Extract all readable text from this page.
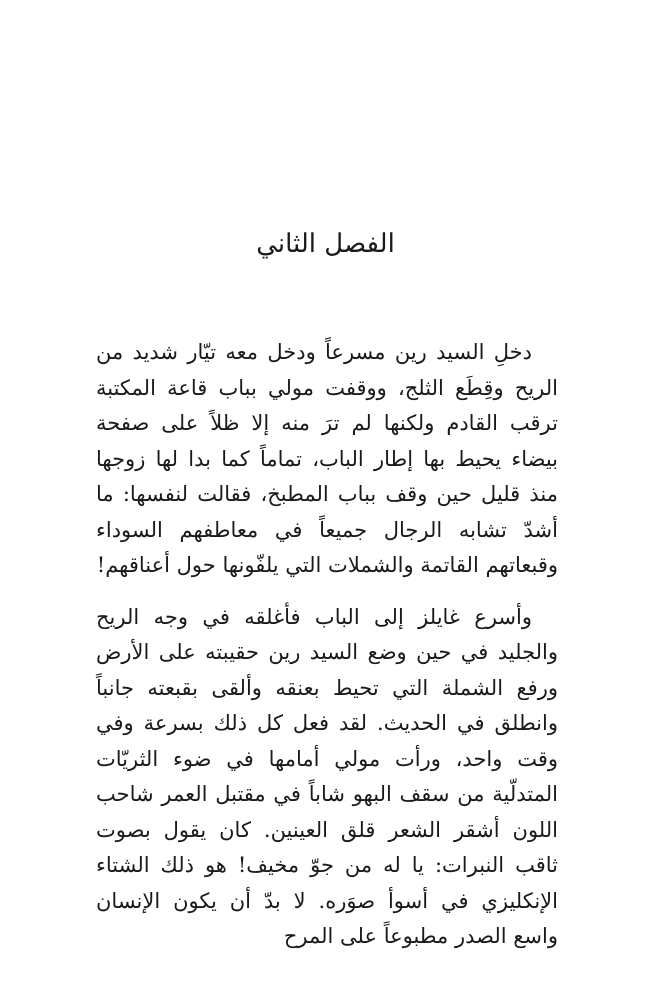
الفصل الثاني

دخلِ السيد رين مسرعاً ودخل معه تيّار شديد من الريح وقِطَع الثلج، ووقفت مولي بباب قاعة المكتبة ترقب القادم ولكنها لم ترَ منه إلا ظلاً على صفحة بيضاء يحيط بها إطار الباب، تماماً كما بدا لها زوجها منذ قليل حين وقف بباب المطبخ، فقالت لنفسها: ما أشدّ تشابه الرجال جميعاً في معاطفهم السوداء وقبعاتهم القاتمة والشملات التي يلفّونها حول أعناقهم!

وأسرع غايلز إلى الباب فأغلقه في وجه الريح والجليد في حين وضع السيد رين حقيبته على الأرض ورفع الشملة التي تحيط بعنقه وألقى بقبعته جانباً وانطلق في الحديث. لقد فعل كل ذلك بسرعة وفي وقت واحد، ورأت مولي أمامها في ضوء الثريّات المتدلّية من سقف البهو شاباً في مقتبل العمر شاحب اللون أشقر الشعر قلق العينين. كان يقول بصوت ثاقب النبرات: يا له من جوّ مخيف! هو ذلك الشتاء الإنكليزي في أسوأ صوَره. لا بدّ أن يكون الإنسان واسع الصدر مطبوعاً على المرح
